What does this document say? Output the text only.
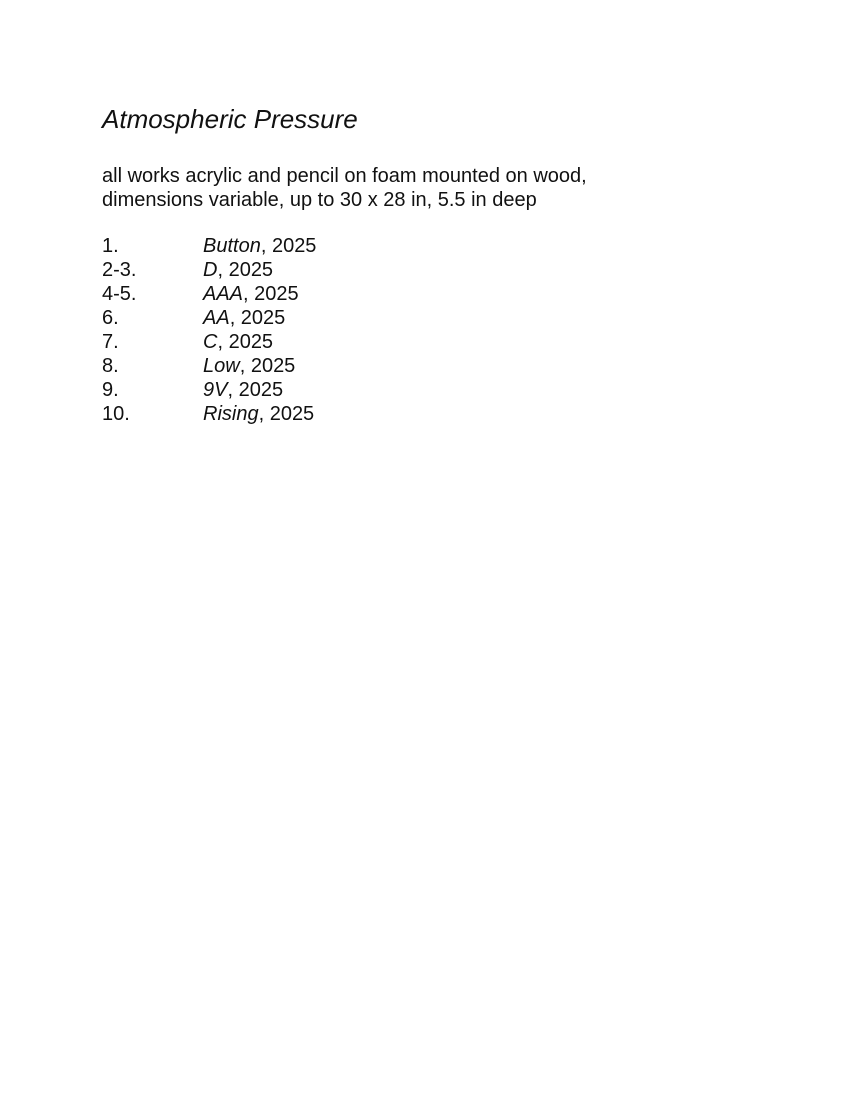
Atmospheric Pressure

all works acrylic and pencil on foam mounted on wood,
dimensions variable, up to 30 x 28 in, 5.5 in deep

1.	Button, 2025
2-3.	D, 2025
4-5.	AAA, 2025
6.	AA, 2025
7.	C, 2025
8.	Low, 2025
9.	9V, 2025
10.	Rising, 2025
